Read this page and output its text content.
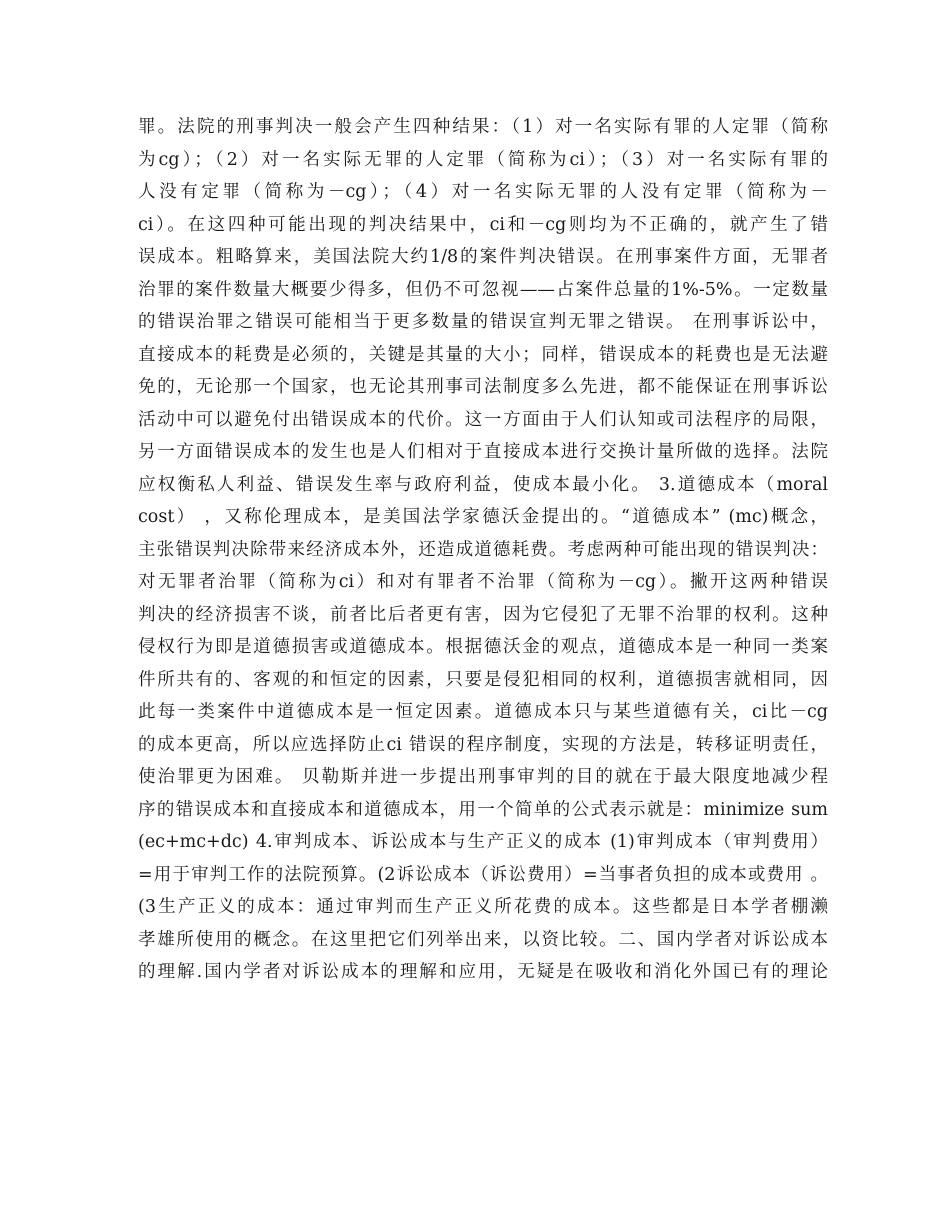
罪。法院的刑事判决一般会产生四种结果：（1）对一名实际有罪的人定罪（简称
为cg）；（2）对一名实际无罪的人定罪（简称为ci）；（3）对一名实际有罪的
人没有定罪（简称为－cg）；（4）对一名实际无罪的人没有定罪（简称为－
ci）。在这四种可能出现的判决结果中，ci和－cg则均为不正确的，就产生了错
误成本。粗略算来，美国法院大约1/8的案件判决错误。在刑事案件方面，无罪者
治罪的案件数量大概要少得多，但仍不可忽视——占案件总量的1%-5%。一定数量
的错误治罪之错误可能相当于更多数量的错误宣判无罪之错误。 在刑事诉讼中，
直接成本的耗费是必须的，关键是其量的大小；同样，错误成本的耗费也是无法避
免的，无论那一个国家，也无论其刑事司法制度多么先进，都不能保证在刑事诉讼
活动中可以避免付出错误成本的代价。这一方面由于人们认知或司法程序的局限，
另一方面错误成本的发生也是人们相对于直接成本进行交换计量所做的选择。法院
应权衡私人利益、错误发生率与政府利益，使成本最小化。 3.道德成本（moral
cost） ，又称伦理成本，是美国法学家德沃金提出的。“道德成本” (mc)概念，
主张错误判决除带来经济成本外，还造成道德耗费。考虑两种可能出现的错误判决：
对无罪者治罪（简称为ci）和对有罪者不治罪（简称为－cg）。撇开这两种错误
判决的经济损害不谈，前者比后者更有害，因为它侵犯了无罪不治罪的权利。这种
侵权行为即是道德损害或道德成本。根据德沃金的观点，道德成本是一种同一类案
件所共有的、客观的和恒定的因素，只要是侵犯相同的权利，道德损害就相同，因
此每一类案件中道德成本是一恒定因素。道德成本只与某些道德有关，ci比－cg
的成本更高，所以应选择防止ci 错误的程序制度，实现的方法是，转移证明责任，
使治罪更为困难。 贝勒斯并进一步提出刑事审判的目的就在于最大限度地减少程
序的错误成本和直接成本和道德成本，用一个简单的公式表示就是：minimize sum
(ec+mc+dc) 4.审判成本、诉讼成本与生产正义的成本 (1)审判成本（审判费用）
=用于审判工作的法院预算。(2诉讼成本（诉讼费用）=当事者负担的成本或费用 。
(3生产正义的成本：通过审判而生产正义所花费的成本。这些都是日本学者棚濑
孝雄所使用的概念。在这里把它们列举出来，以资比较。二、国内学者对诉讼成本
的理解.国内学者对诉讼成本的理解和应用，无疑是在吸收和消化外国已有的理论
